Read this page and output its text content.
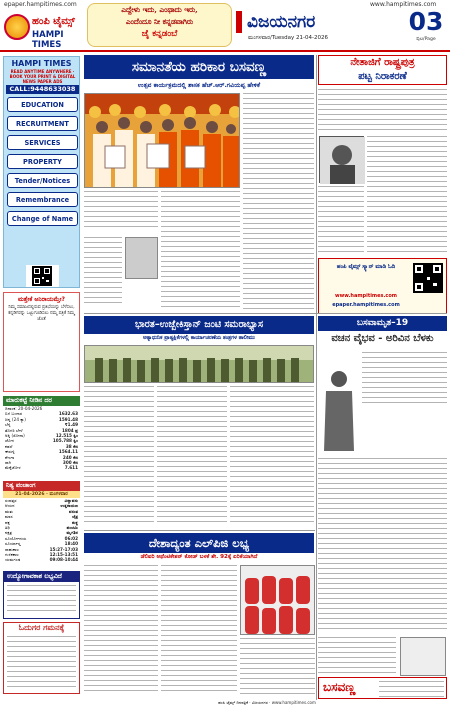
epaper.hampitimes.com
ಹಂಪಿ ಟೈಮ್ಸ್
HAMPI TIMES
ಎದ್ದೇಳು ಇದು, ಎಂಥಾದು ಇರು,
ಎಂದೆಂದೂ ನೀ ಕನ್ನಡವಾಗಿರು
ಜೈ ಕನ್ನಡಂಬೆ
www.hampitimes.com
ವಿಜಯನಗರ
ಮಂಗಳವಾರ/Tuesday 21-04-2026
03
ಪುಟ/Page
HAMPI TIMES
READ ANYTIME ANYWHERE · BOOK YOUR PRINT & DIGITAL NEWS PAPER ADS
CALL:9448633038
EDUCATION
RECRUITMENT
SERVICES
PROPERTY
Tender/Notices
Remembrance
Change of Name
ಮತ್ತೇಕೆ ಅನಿರಾಯಮ್ತೇ?
ನಿಮ್ಮ ಸಮಾಜದಲ್ಲಿರುವ ಪ್ರತಿಭೆಯನ್ನು ಬೆಳೆಸಲು, ಕನ್ನಡಿಗರನ್ನು ಒಟ್ಟುಗೂಡಿಸಲು ನಮ್ಮ ಪತ್ರಿಕೆ ನಿಮ್ಮ ಜೊತೆ
ಮಾರುಕಟ್ಟೆ ನೀಡಿನ ದರ
ದಿನಾಂಕ: 20-04-2026
ಬಿಳಿ ಬಂಗಾರ	1632.63
ಚಿನ್ನ (24 ಕ್ಯಾ)	1591.48
ಬೆಳ್ಳಿ	₹1.49
ತೊಗರಿ ಬೇಳೆ	1804 ಪ್ರ
ಅಕ್ಕಿ (ಸೋನಾ)	12.515 ಕ್ವಿಂ
ಜೋಳ	105.788 ಕ್ವಿಂ
ಕಡಲೆ	38 ಕೆಜಿ
ಈರುಳ್ಳಿ	1564.11
ಶೇಂಗಾ	240 ಕೆಜಿ
ರಾಗಿ	300 ಕೆಜಿ
ಮೆಕ್ಕೆಜೋಳ	7.611
ನಿತ್ಯ ಪಂಚಾಂಗ
21-04-2026 · ಮಂಗಳವಾರ
ಸಂವತ್ಸರ	ವಿಶ್ವಾವಸು
ಆಯನ	ಉತ್ತರಾಯಣ
ಋತು	ವಸಂತ
ಮಾಸ	ಚೈತ್ರ
ಪಕ್ಷ	ಶುಕ್ಲ
ತಿಥಿ	ಪಂಚಮಿ
ನಕ್ಷತ್ರ	ಮೃಗಶಿರ
ಸೂರ್ಯೋದಯ	06:02
ಸೂರ್ಯಾಸ್ತ	18:40
ರಾಹುಕಾಲ	15:27-17:03
ಗುಳಿಕಕಾಲ	12:15-13:51
ಯಮಗಂಡ	09:08-10:44
ಉದ್ಯೋಗಾವಕಾಶ ಲಭ್ಯವಿದೆ
ಓದುಗರ ಗಮನಕ್ಕೆ
ಸಮಾನತೆಯ ಹರಿಕಾರ ಬಸವಣ್ಣ
ಉತ್ಸವ ಕಾರ್ಯಕ್ರಮದಲ್ಲಿ ಶಾಸಕ ಹೆಚ್.ಆರ್.ಗವಿಯಪ್ಪ ಹೇಳಿಕೆ
ನೇತಾಜಿಗೆ ರಾಷ್ಟ್ರಪುತ್ರ
ಪಟ್ಟ ನಿರಾಕರಣೆ
ಹಂಪಿ ಟೈಮ್ಸ್ ಸ್ಕ್ಯಾನ್ ಮಾಡಿ ಓದಿ
www.hampitimes.com
epaper.hampitimes.com
ಭಾರತ–ಉಜ್ಬೇಕಿಸ್ತಾನ್ ಜಂಟಿ ಸಮರಾಭ್ಯಾಸ
ಅತ್ಯಾಧುನಿಕ ಪ್ರಾತ್ಯಕ್ಷಿಕೆಗಳಲ್ಲಿ ಕಾರ್ಯಾಚರಣೆಯ ತಂತ್ರಗಳ ತಾಲೀಮು
ಬಸವಾಮೃತ–19
ವಚನ ವೈಭವ - ಅರಿವಿನ ಬೆಳಕು
ಬಸವಣ್ಣ
ದೇಶಾದ್ಯಂತ ಎಲ್‌ಪಿಜಿ ಲಭ್ಯ
ಡೆಲಿವರಿ ಅಥೆಂಟಿಕೇಶನ್ ಕೋಡ್ ಬಳಕೆ ಶೇ. 92ಕ್ಕೆ ಏರಿಕೆಯಾಗಿದೆ
ಹಂಪಿ ಟೈಮ್ಸ್ ದಿನಪತ್ರಿಕೆ · ವಿಜಯನಗರ · www.hampitimes.com
